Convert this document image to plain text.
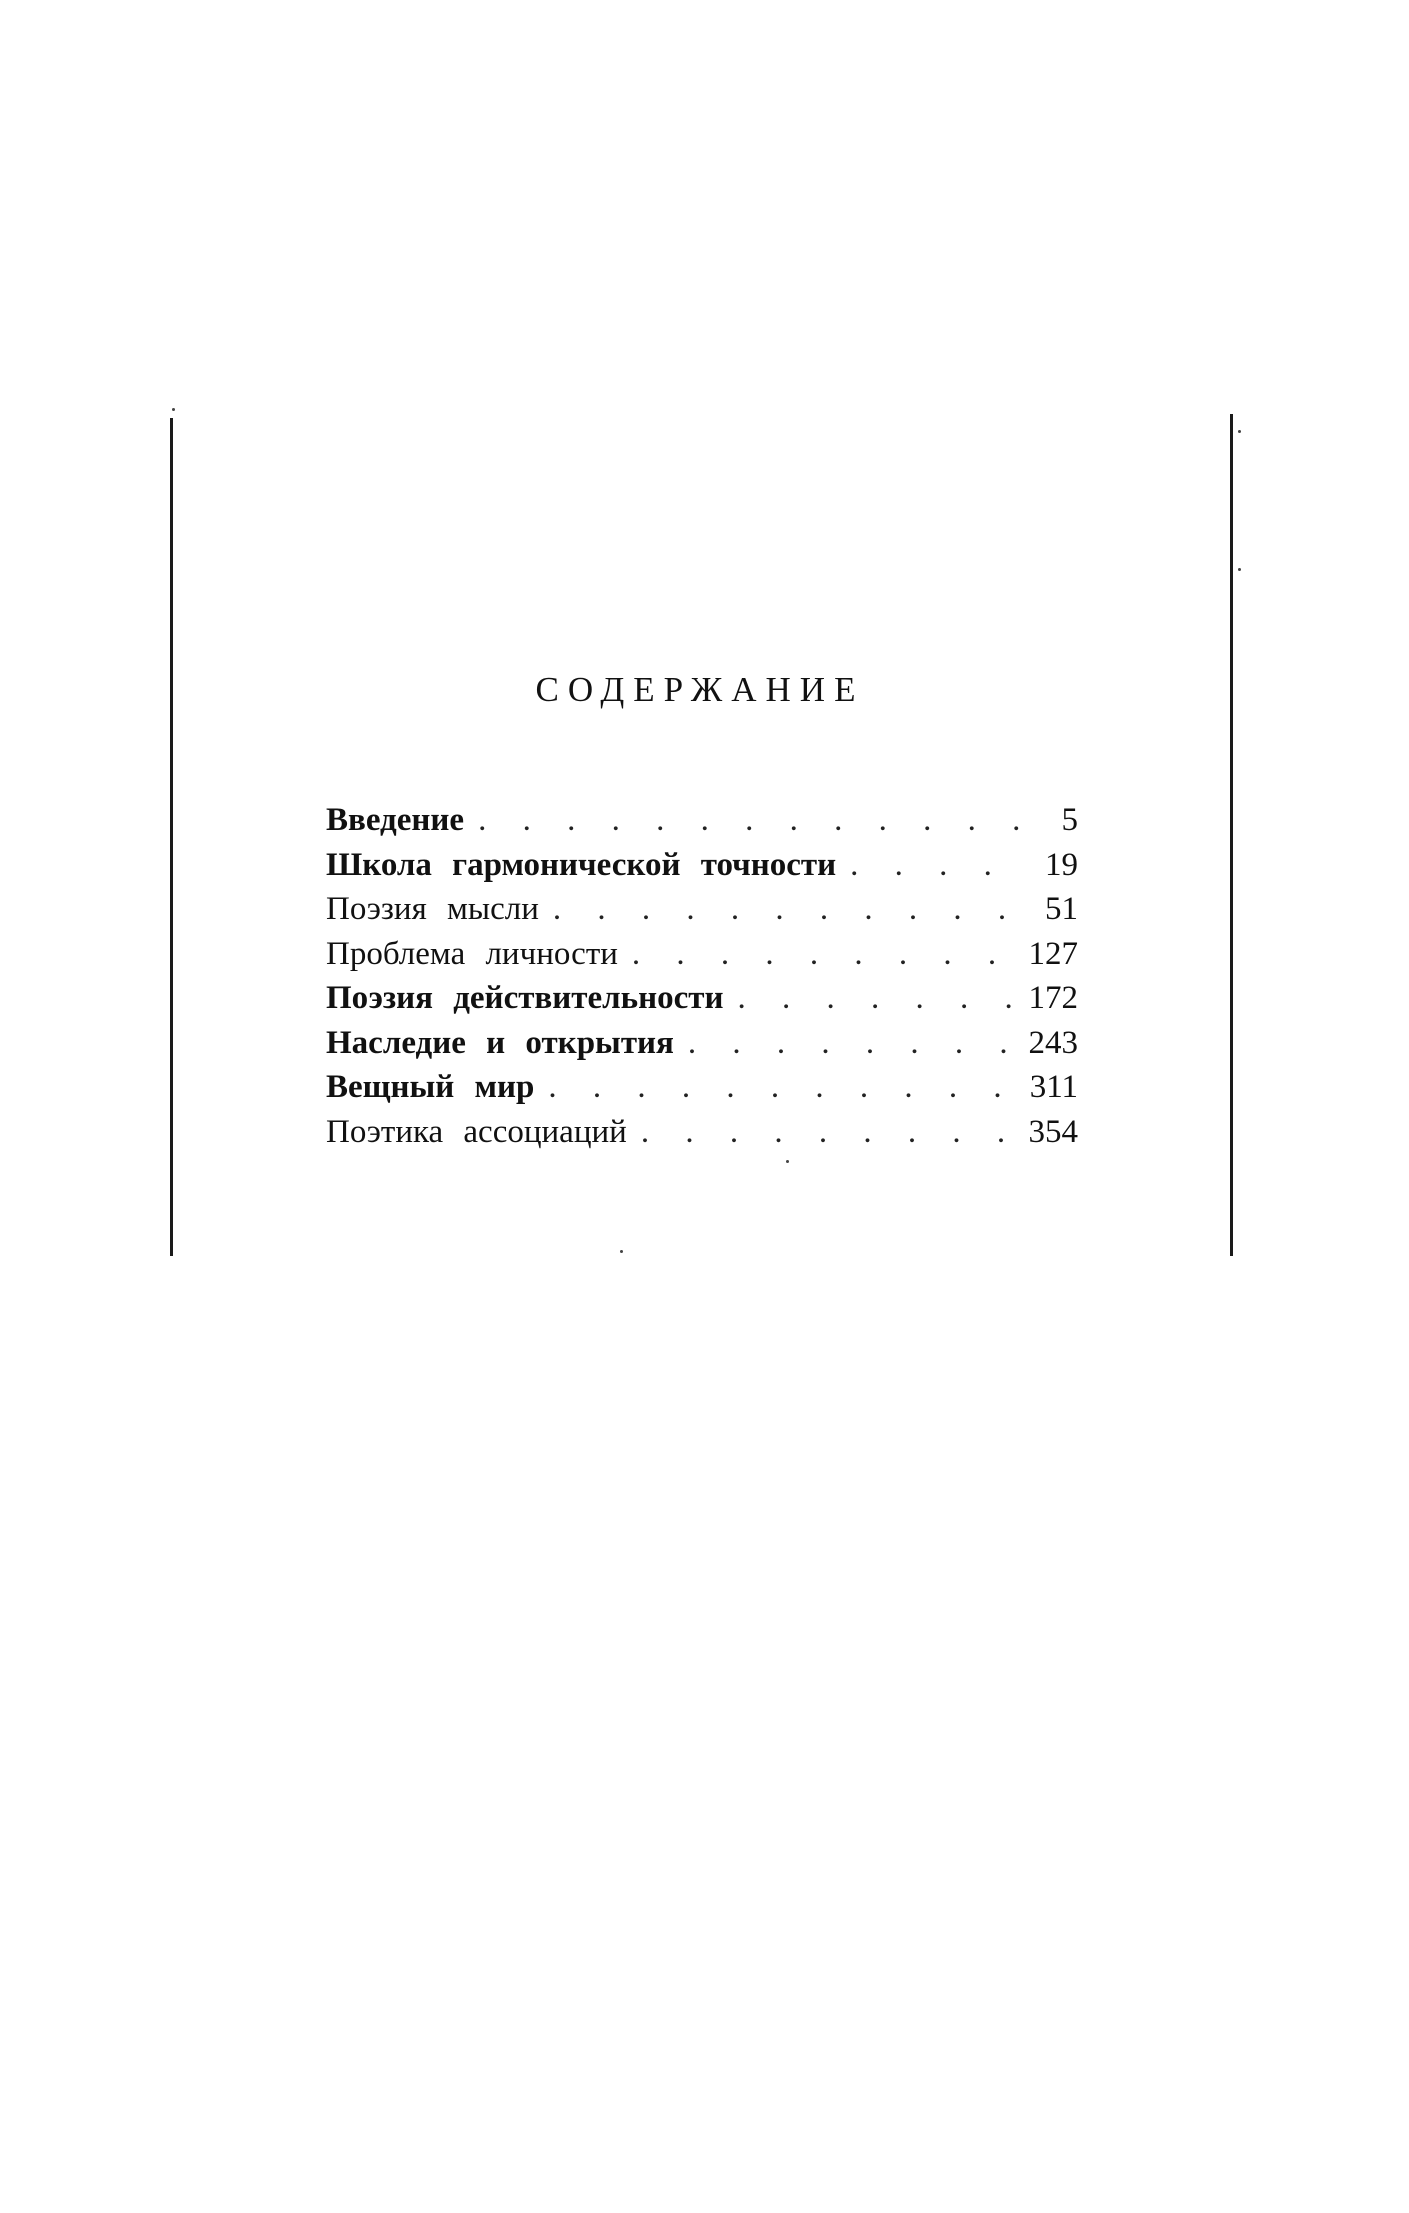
СОДЕРЖАНИЕ
Введение . . .	5
Школа гармонической точности . . .	19
Поэзия мысли . . .	51
Проблема личности . . .	127
Поэзия действительности . . .	172
Наследие и открытия . . .	243
Вещный мир . . .	311
Поэтика ассоциаций . . .	354
